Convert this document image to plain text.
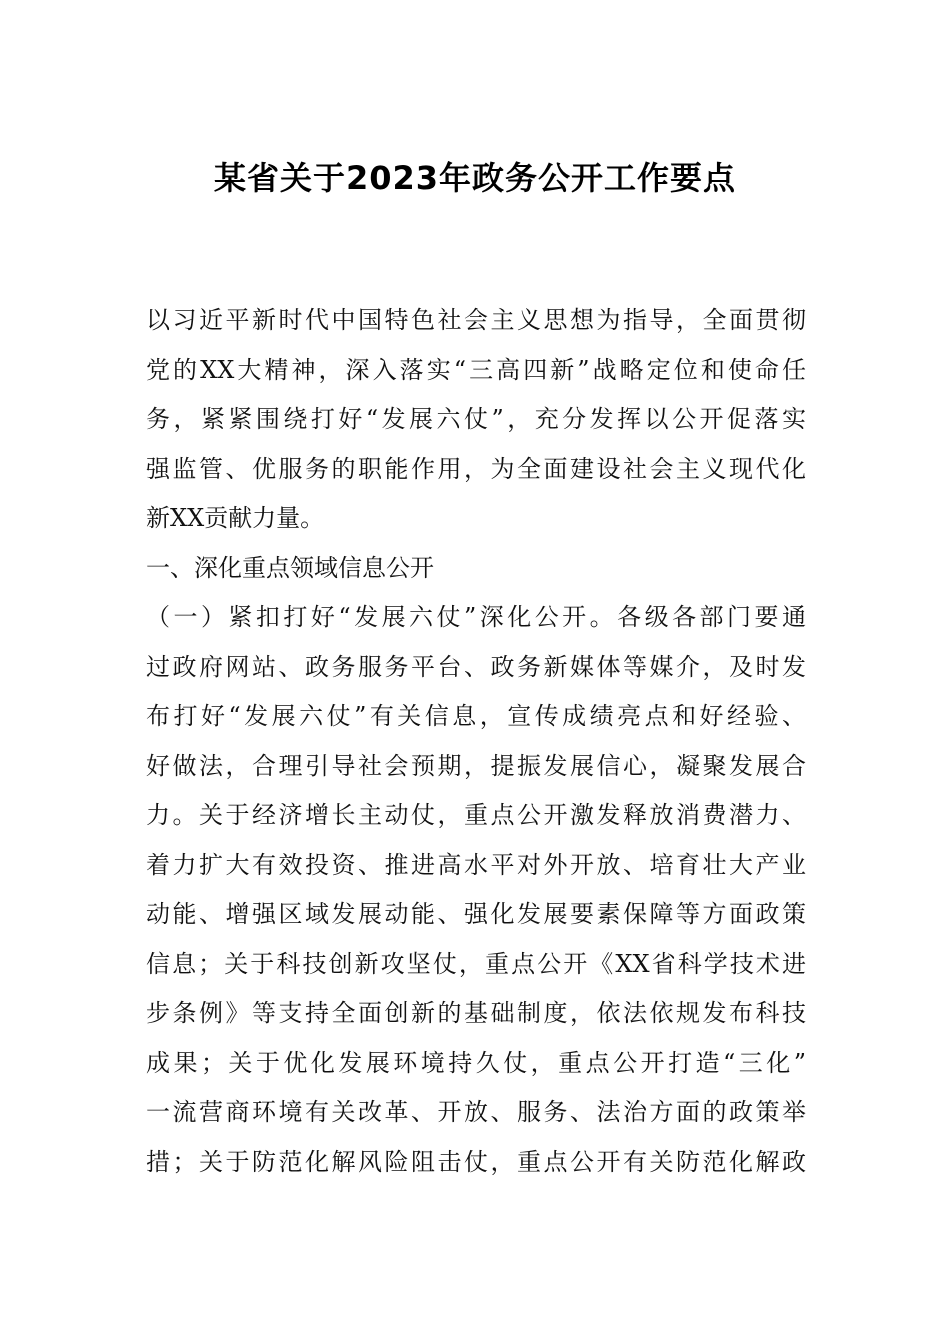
某省关于2023年政务公开工作要点
以习近平新时代中国特色社会主义思想为指导，全面贯彻
党的XX大精神，深入落实“三高四新”战略定位和使命任
务，紧紧围绕打好“发展六仗”，充分发挥以公开促落实
强监管、优服务的职能作用，为全面建设社会主义现代化
新XX贡献力量。
一、深化重点领域信息公开
（一）紧扣打好“发展六仗”深化公开。各级各部门要通
过政府网站、政务服务平台、政务新媒体等媒介，及时发
布打好“发展六仗”有关信息，宣传成绩亮点和好经验、
好做法，合理引导社会预期，提振发展信心，凝聚发展合
力。关于经济增长主动仗，重点公开激发释放消费潜力、
着力扩大有效投资、推进高水平对外开放、培育壮大产业
动能、增强区域发展动能、强化发展要素保障等方面政策
信息；关于科技创新攻坚仗，重点公开《XX省科学技术进
步条例》等支持全面创新的基础制度，依法依规发布科技
成果；关于优化发展环境持久仗，重点公开打造“三化”
一流营商环境有关改革、开放、服务、法治方面的政策举
措；关于防范化解风险阻击仗，重点公开有关防范化解政
